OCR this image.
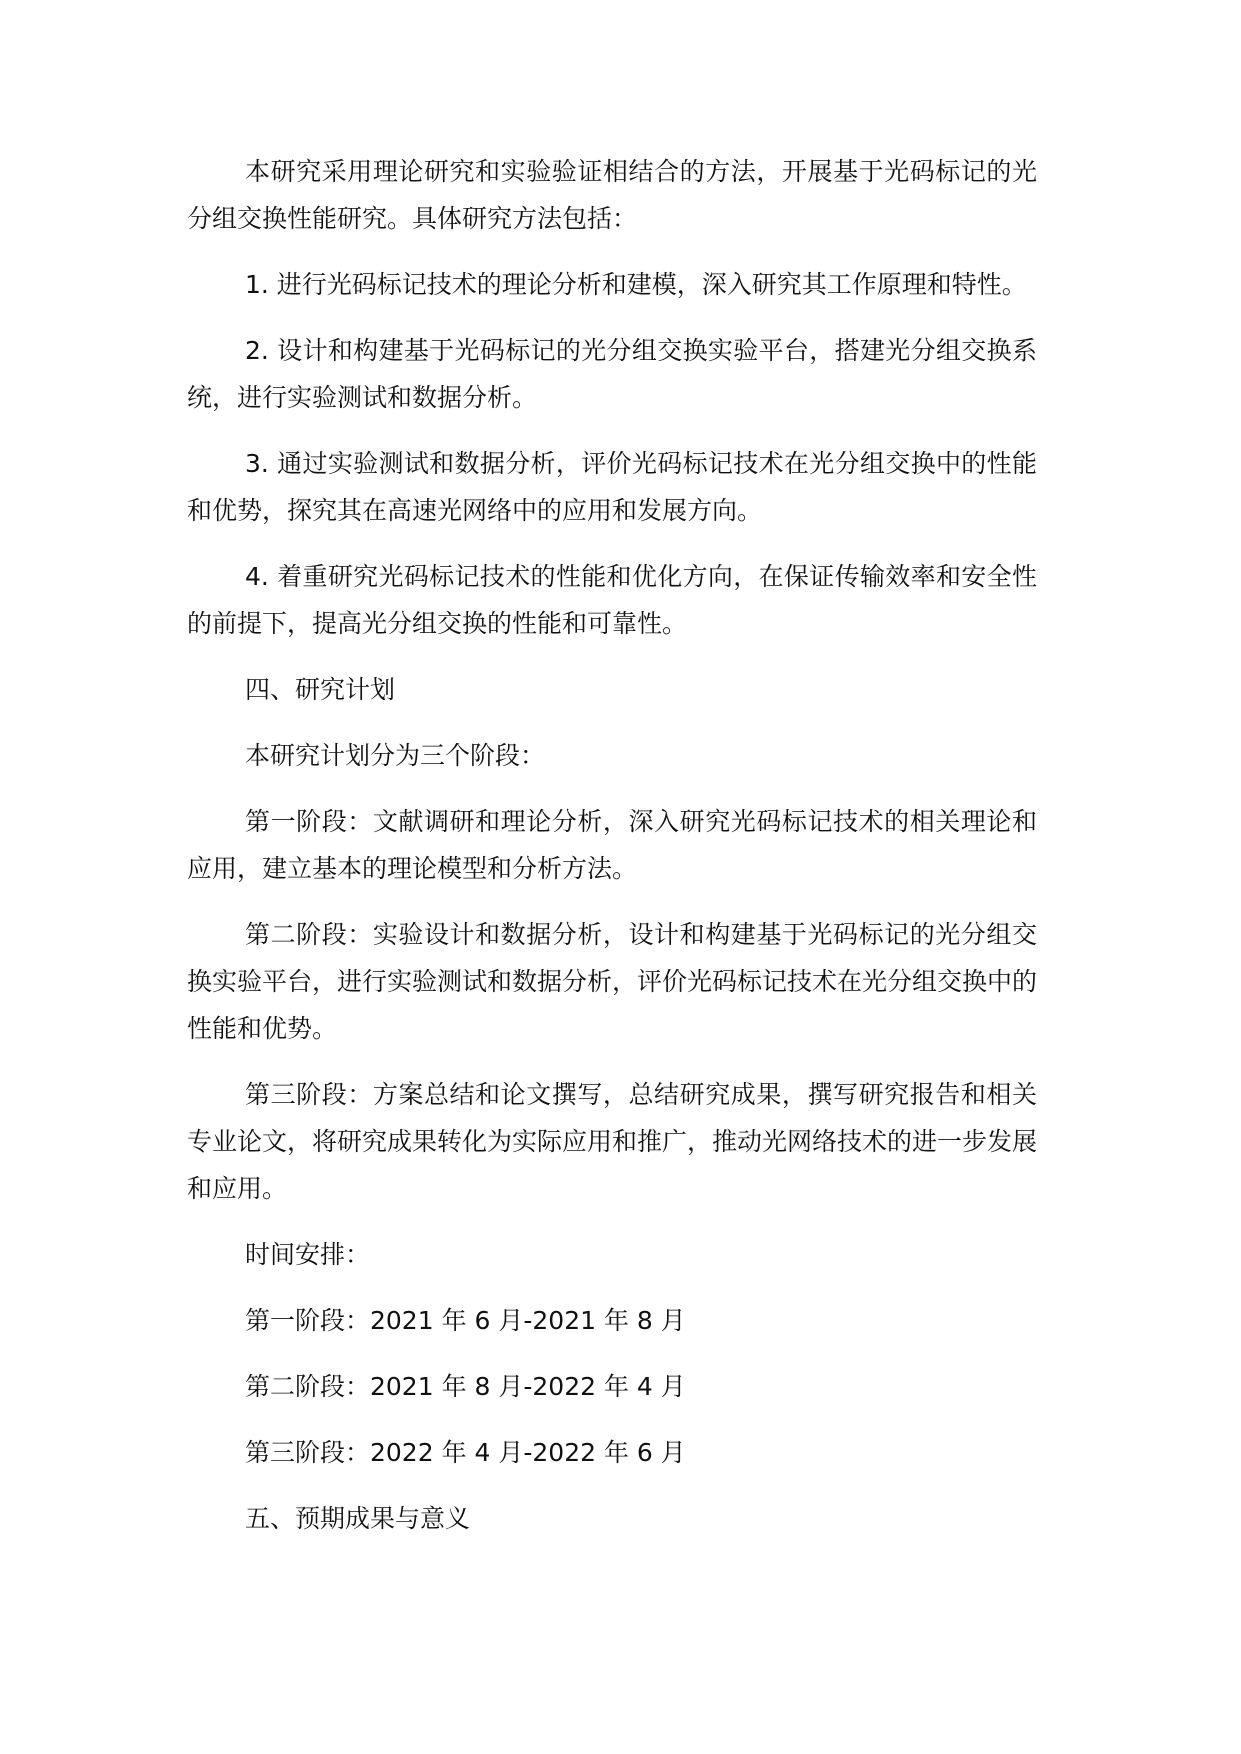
本研究采用理论研究和实验验证相结合的方法，开展基于光码标记的光分组交换性能研究。具体研究方法包括：

1. 进行光码标记技术的理论分析和建模，深入研究其工作原理和特性。

2. 设计和构建基于光码标记的光分组交换实验平台，搭建光分组交换系统，进行实验测试和数据分析。

3. 通过实验测试和数据分析，评价光码标记技术在光分组交换中的性能和优势，探究其在高速光网络中的应用和发展方向。

4. 着重研究光码标记技术的性能和优化方向，在保证传输效率和安全性的前提下，提高光分组交换的性能和可靠性。

四、研究计划

本研究计划分为三个阶段：

第一阶段：文献调研和理论分析，深入研究光码标记技术的相关理论和应用，建立基本的理论模型和分析方法。

第二阶段：实验设计和数据分析，设计和构建基于光码标记的光分组交换实验平台，进行实验测试和数据分析，评价光码标记技术在光分组交换中的性能和优势。

第三阶段：方案总结和论文撰写，总结研究成果，撰写研究报告和相关专业论文，将研究成果转化为实际应用和推广，推动光网络技术的进一步发展和应用。

时间安排：

第一阶段：2021 年 6 月-2021 年 8 月

第二阶段：2021 年 8 月-2022 年 4 月

第三阶段：2022 年 4 月-2022 年 6 月

五、预期成果与意义
